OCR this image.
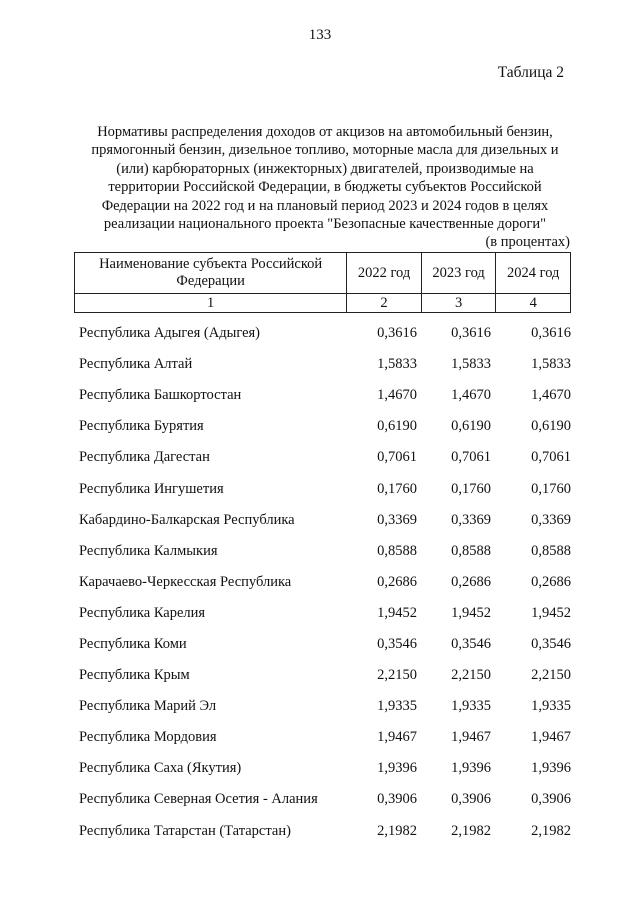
133
Таблица 2
Нормативы распределения доходов от акцизов на автомобильный бензин,
прямогонный бензин, дизельное топливо, моторные масла для дизельных и
(или) карбюраторных (инжекторных) двигателей, производимые на
территории Российской Федерации, в бюджеты субъектов Российской
Федерации на 2022 год и на плановый период 2023 и 2024 годов в целях
реализации национального проекта "Безопасные качественные дороги"
(в процентах)
Наименование субъекта Российской Федерации	2022 год	2023 год	2024 год
1	2	3	4
Республика Адыгея (Адыгея)	0,3616	0,3616	0,3616
Республика Алтай	1,5833	1,5833	1,5833
Республика Башкортостан	1,4670	1,4670	1,4670
Республика Бурятия	0,6190	0,6190	0,6190
Республика Дагестан	0,7061	0,7061	0,7061
Республика Ингушетия	0,1760	0,1760	0,1760
Кабардино-Балкарская Республика	0,3369	0,3369	0,3369
Республика Калмыкия	0,8588	0,8588	0,8588
Карачаево-Черкесская Республика	0,2686	0,2686	0,2686
Республика Карелия	1,9452	1,9452	1,9452
Республика Коми	0,3546	0,3546	0,3546
Республика Крым	2,2150	2,2150	2,2150
Республика Марий Эл	1,9335	1,9335	1,9335
Республика Мордовия	1,9467	1,9467	1,9467
Республика Саха (Якутия)	1,9396	1,9396	1,9396
Республика Северная Осетия - Алания	0,3906	0,3906	0,3906
Республика Татарстан (Татарстан)	2,1982	2,1982	2,1982
